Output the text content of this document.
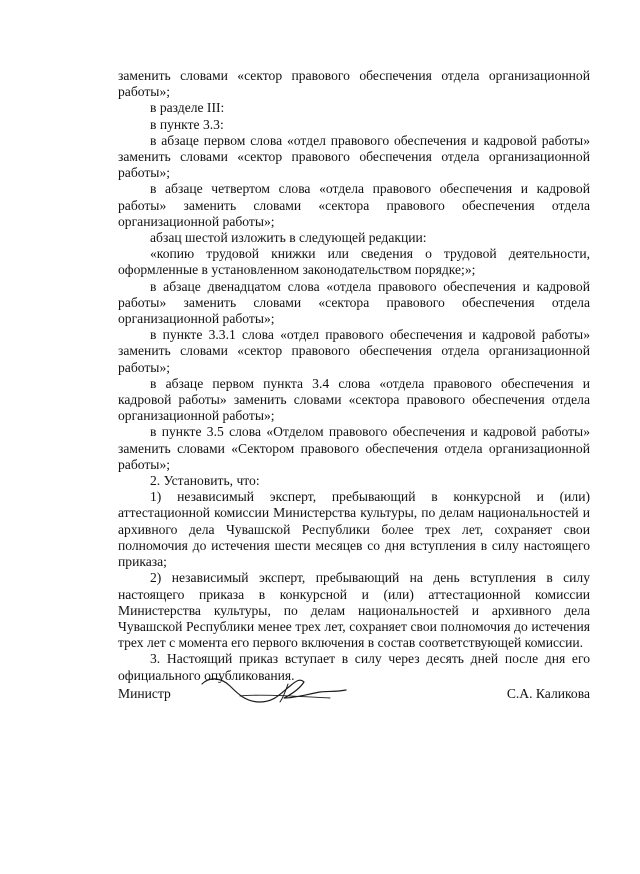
заменить словами «сектор правового обеспечения отдела организационной работы»;

в разделе III:

в пункте 3.3:

в абзаце первом слова «отдел правового обеспечения и кадровой работы» заменить словами «сектор правового обеспечения отдела организационной работы»;

в абзаце четвертом слова «отдела правового обеспечения и кадровой работы» заменить словами «сектора правового обеспечения отдела организационной работы»;

абзац шестой изложить в следующей редакции:

«копию трудовой книжки или сведения о трудовой деятельности, оформленные в установленном законодательством порядке;»;

в абзаце двенадцатом слова «отдела правового обеспечения и кадровой работы» заменить словами «сектора правового обеспечения отдела организационной работы»;

в пункте 3.3.1 слова «отдел правового обеспечения и кадровой работы» заменить словами «сектор правового обеспечения отдела организационной работы»;

в абзаце первом пункта 3.4 слова «отдела правового обеспечения и кадровой работы» заменить словами «сектора правового обеспечения отдела организационной работы»;

в пункте 3.5 слова «Отделом правового обеспечения и кадровой работы» заменить словами «Сектором правового обеспечения отдела организационной работы»;

2. Установить, что:

1) независимый эксперт, пребывающий в конкурсной и (или) аттестационной комиссии Министерства культуры, по делам национальностей и архивного дела Чувашской Республики более трех лет, сохраняет свои полномочия до истечения шести месяцев со дня вступления в силу настоящего приказа;

2) независимый эксперт, пребывающий на день вступления в силу настоящего приказа в конкурсной и (или) аттестационной комиссии Министерства культуры, по делам национальностей и архивного дела Чувашской Республики менее трех лет, сохраняет свои полномочия до истечения трех лет с момента его первого включения в состав соответствующей комиссии.

3. Настоящий приказ вступает в силу через десять дней после дня его официального опубликования.

Министр	С.А. Каликова
